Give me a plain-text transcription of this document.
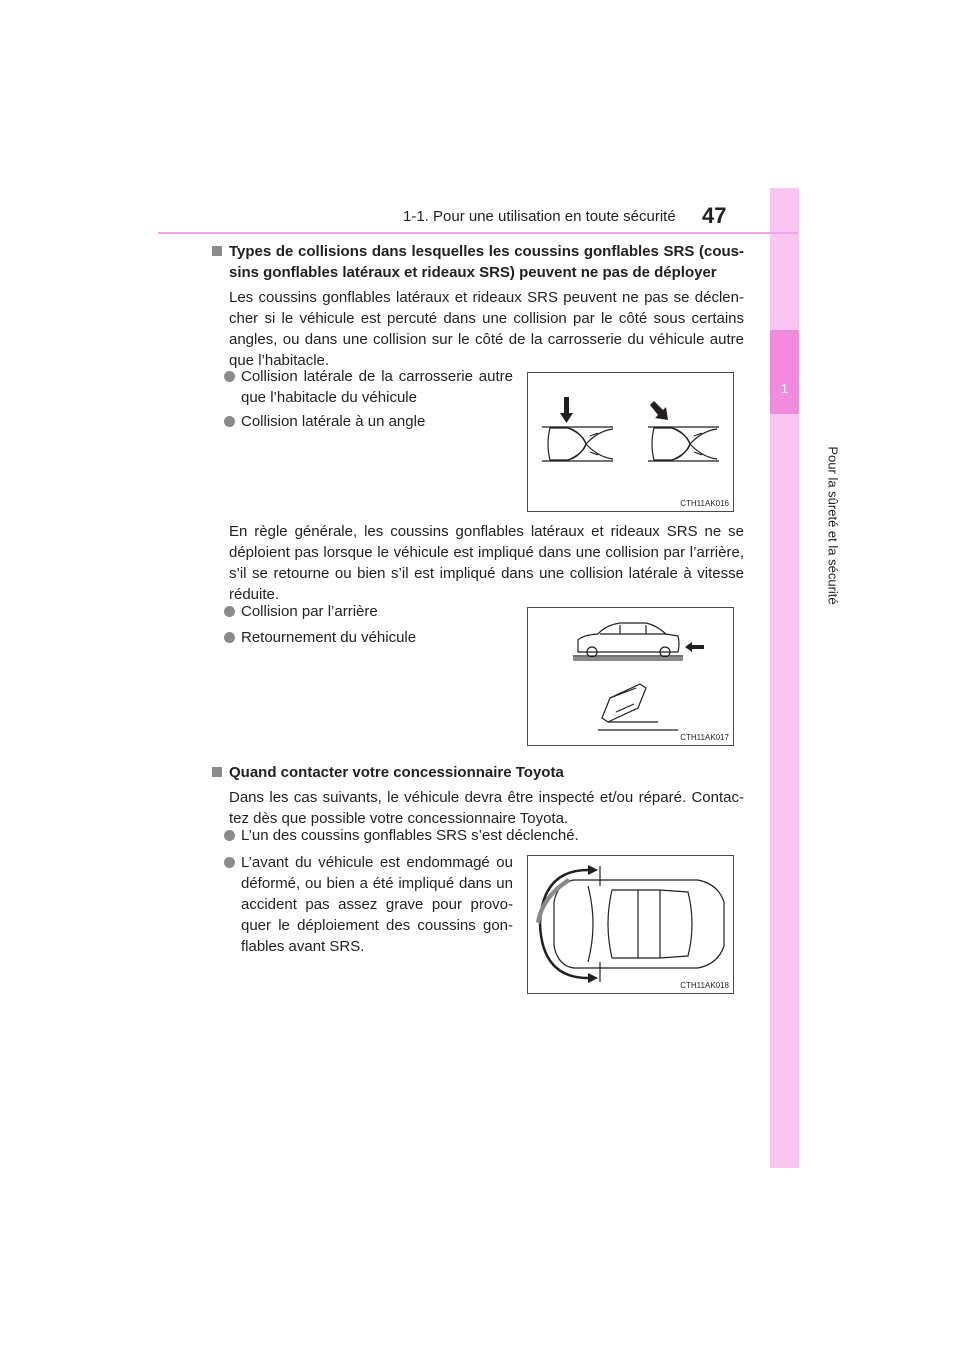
1-1. Pour une utilisation en toute sécurité 47
1
Pour la sûreté et la sécurité
Types de collisions dans lesquelles les coussins gonflables SRS (cous-
sins gonflables latéraux et rideaux SRS) peuvent ne pas de déployer
Les coussins gonflables latéraux et rideaux SRS peuvent ne pas se déclen-
cher si le véhicule est percuté dans une collision par le côté sous certains
angles, ou dans une collision sur le côté de la carrosserie du véhicule autre
que l’habitacle.
Collision latérale de la carrosserie autre que l’habitacle du véhicule
Collision latérale à un angle
CTH11AK016
En règle générale, les coussins gonflables latéraux et rideaux SRS ne se
déploient pas lorsque le véhicule est impliqué dans une collision par l’arrière,
s’il se retourne ou bien s’il est impliqué dans une collision latérale à vitesse
réduite.
Collision par l’arrière
Retournement du véhicule
CTH11AK017
Quand contacter votre concessionnaire Toyota
Dans les cas suivants, le véhicule devra être inspecté et/ou réparé. Contac-
tez dès que possible votre concessionnaire Toyota.
L’un des coussins gonflables SRS s’est déclenché.
L’avant du véhicule est endommagé ou
déformé, ou bien a été impliqué dans un
accident pas assez grave pour provo-
quer le déploiement des coussins gon-
flables avant SRS.
CTH11AK018
